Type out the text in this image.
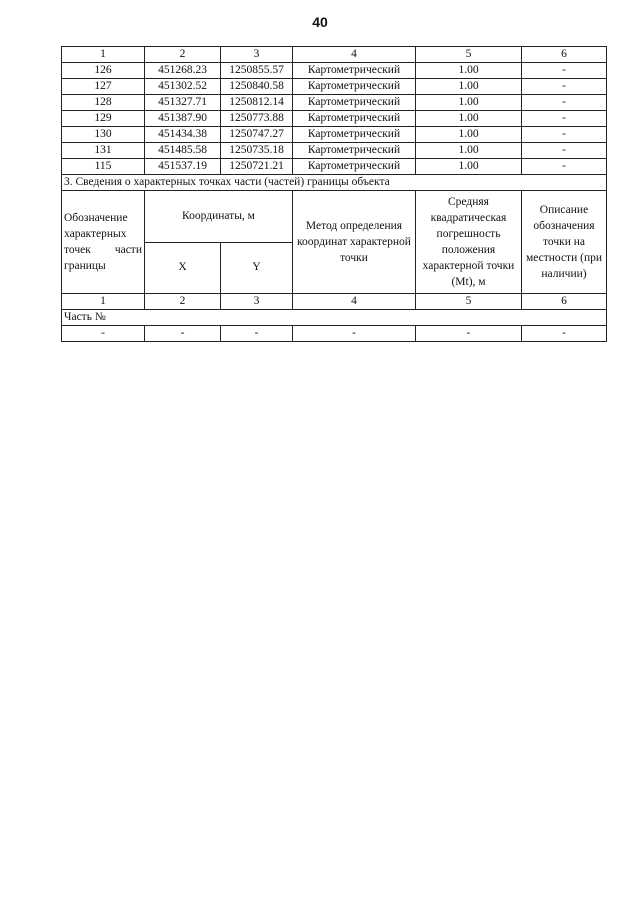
40
1	2	3	4	5	6
126	451268.23	1250855.57	Картометрический	1.00	-
127	451302.52	1250840.58	Картометрический	1.00	-
128	451327.71	1250812.14	Картометрический	1.00	-
129	451387.90	1250773.88	Картометрический	1.00	-
130	451434.38	1250747.27	Картометрический	1.00	-
131	451485.58	1250735.18	Картометрический	1.00	-
115	451537.19	1250721.21	Картометрический	1.00	-
3. Сведения о характерных точках части (частей) границы объекта					
Обозначение характерных точек части границы	Координаты, м		Метод определения координат характерной точки	Средняя квадратическая погрешность положения характерной точки (Mt), м	Описание обозначения точки на местности (при наличии)
	X	Y			
1	2	3	4	5	6
Часть №					
-	-	-	-	-	-
